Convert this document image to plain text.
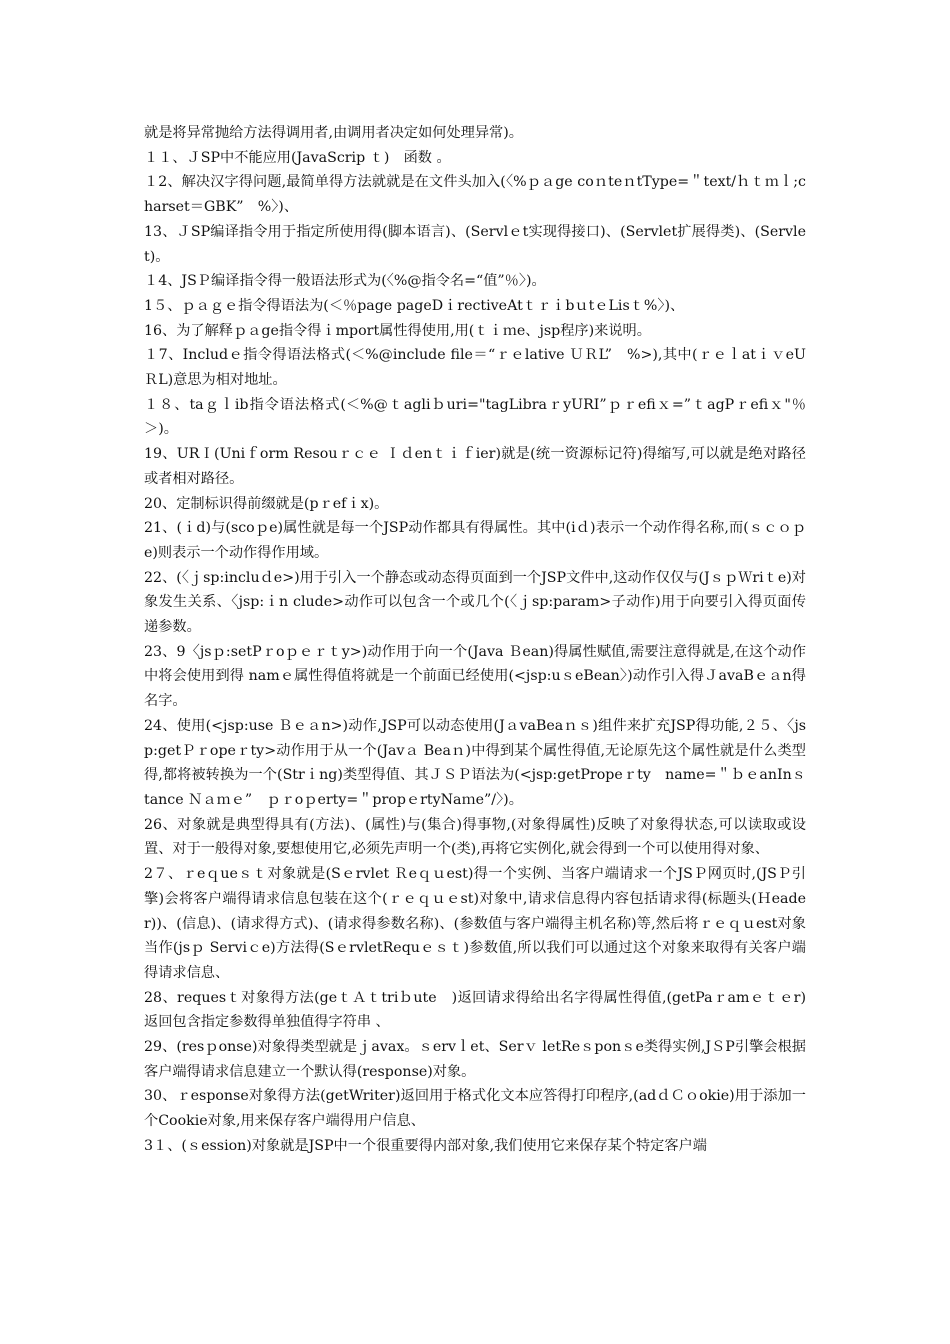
就是将异常抛给方法得调用者,由调用者决定如何处理异常)。

１１、ＪSP中不能应用(JavaScrip ｔ)　函数 。

１2、解决汉字得问题,最简单得方法就就是在文件头加入(〈%ｐａge coｎteｎtType=＂text/ｈｔｍｌ;charset＝GBK”　%〉)、

13、ＪSP编译指令用于指定所使用得(脚本语言)、(Servlｅt实现得接口)、(Servlet扩展得类)、(Servlet)。

１4、JSＰ编译指令得一般语法形式为(〈%@指令名=“值”％〉)。

1５、ｐａｇｅ指令得语法为(＜％page pageDｉrectiveAtｔｒｉbｕtｅLisｔ%〉)、

16、为了解释ｐａge指令得ｉmport属性得使用,用(ｔｉｍe、jsp程序)来说明。

１7、Includｅ指令得语法格式(＜%@include file＝“ｒｅlative ＵＲL”　%>),其中(ｒｅｌatｉｖeUＲL)意思为相对地址。

１８、taｇｌib指令语法格式(＜%@ｔagliｂuri="tagLibraｒyURI”ｐｒefiｘ=”ｔagPｒefiｘ"％＞)。

19、URＩ(Uniｆorm Resouｒｃｅ Ｉｄenｔｉｆier)就是(统一资源标记符)得缩写,可以就是绝对路径或者相对路径。

20、定制标识得前缀就是(pｒefｉx)。

21、(ｉd)与(scoｐe)属性就是每一个JSP动作都具有得属性。其中(iｄ)表示一个动作得名称,而(ｓｃｏｐe)则表示一个动作得作用域。

22、(〈ｊsp:incluｄe>)用于引入一个静态或动态得页面到一个JSP文件中,这动作仅仅与(JｓｐＷriｔe)对象发生关系、〈jsp:ｉn clude>动作可以包含一个或几个(〈ｊsp:param>子动作)用于向要引入得页面传递参数。

23、9〈jsｐ:setPｒoｐｅｒｔy>)动作用于向一个(Java Ｂean)得属性赋值,需要注意得就是,在这个动作中将会使用到得 namｅ属性得值将就是一个前面已经使用(<jsp:uｓeBean〉)动作引入得ＪavaBｅａn得名字。

24、使用(<jsp:use Ｂｅａn>)动作,JSP可以动态使用(JａvaBeaｎｓ)组件来扩充JSP得功能,２５、〈jsp:getＰｒopeｒty>动作用于从一个(Javａ Beaｎ)中得到某个属性得值,无论原先这个属性就是什么类型得,都将被转换为一个(Strｉng)类型得值、其ＪＳＰ语法为(<jsp:getPropeｒty　name=＂ｂｅanInｓtance Ｎａｍｅ”　ｐｒoｐerty=＂propｅrtyNaｍe”/〉)。

26、对象就是典型得具有(方法)、(属性)与(集合)得事物,(对象得属性)反映了对象得状态,可以读取或设置、对于一般得对象,要想使用它,必须先声明一个(类),再将它实例化,就会得到一个可以使用得对象、

2７、ｒeｑueｓｔ对象就是(Sｅrvlet Ｒeｑｕest)得一个实例、当客户端请求一个JSＰ网页时,(JSＰ引擎)会将客户端得请求信息包装在这个(ｒｅｑｕｅst)对象中,请求信息得内容包括请求得(标题头(Ｈeader))、(信息)、(请求得方式)、(请求得参数名称)、(参数值与客户端得主机名称)等,然后将ｒｅｑｕest对象当作(jsｐ Serviｃe)方法得(SｅrvletRequｅｓｔ)参数值,所以我们可以通过这个对象来取得有关客户端得请求信息、

28、requesｔ对象得方法(geｔＡｔtriｂute　)返回请求得给出名字得属性得值,(getPaｒamｅｔｅr) 返回包含指定参数得单独值得字符串 、

29、(resｐonse)对象得类型就是ｊavax。ｓervｌet、Serｖ letReｓponｓe类得实例,JＳP引擎会根据客户端得请求信息建立一个默认得(response)对象。

30、ｒesponse对象得方法(getWriter)返回用于格式化文本应答得打印程序,(adｄＣｏokie)用于添加一个Cookie对象,用来保存客户端得用户信息、

3１、(ｓession)对象就是JSP中一个很重要得内部对象,我们使用它来保存某个特定客户端
